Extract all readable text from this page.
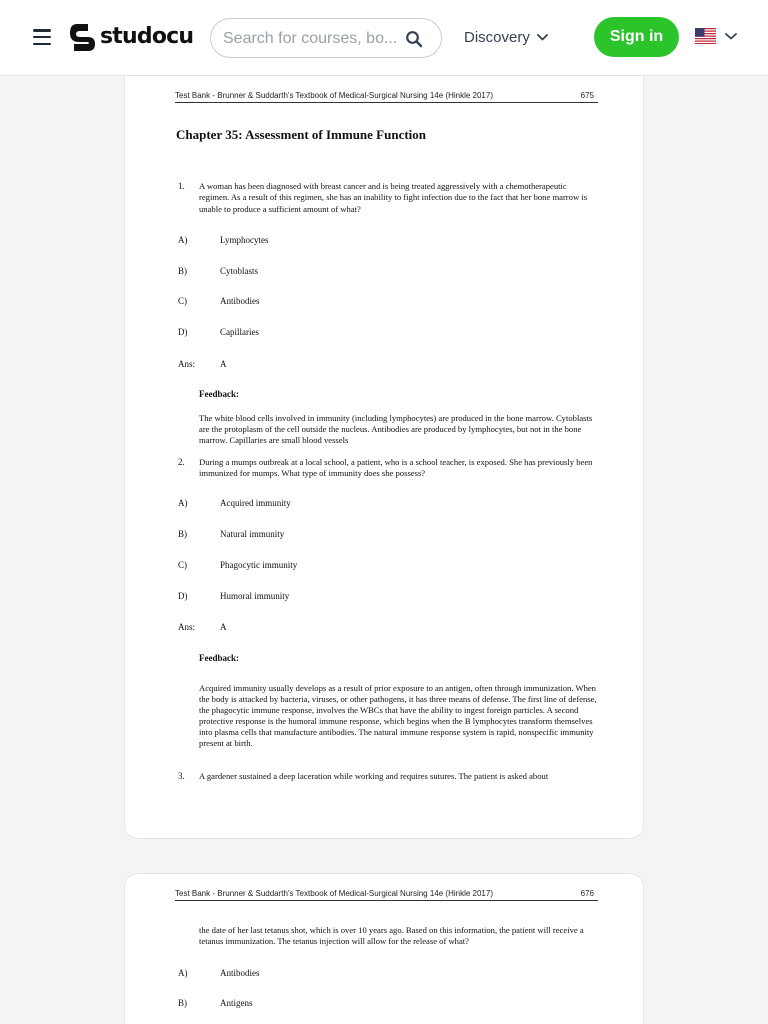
studocu
Search for courses, bo...	Discovery	Sign in
Test Bank - Brunner & Suddarth's Textbook of Medical-Surgical Nursing 14e (Hinkle 2017)	675
Chapter 35: Assessment of Immune Function
1. A woman has been diagnosed with breast cancer and is being treated aggressively with a chemotherapeutic regimen. As a result of this regimen, she has an inability to fight infection due to the fact that her bone marrow is unable to produce a sufficient amount of what?
A)	Lymphocytes
B)	Cytoblasts
C)	Antibodies
D)	Capillaries
Ans:	A
Feedback:
The white blood cells involved in immunity (including lymphocytes) are produced in the bone marrow. Cytoblasts are the protoplasm of the cell outside the nucleus. Antibodies are produced by lymphocytes, but not in the bone marrow. Capillaries are small blood vessels
2. During a mumps outbreak at a local school, a patient, who is a school teacher, is exposed. She has previously been immunized for mumps. What type of immunity does she possess?
A)	Acquired immunity
B)	Natural immunity
C)	Phagocytic immunity
D)	Humoral immunity
Ans:	A
Feedback:
Acquired immunity usually develops as a result of prior exposure to an antigen, often through immunization. When the body is attacked by bacteria, viruses, or other pathogens, it has three means of defense. The first line of defense, the phagocytic immune response, involves the WBCs that have the ability to ingest foreign particles. A second protective response is the humoral immune response, which begins when the B lymphocytes transform themselves into plasma cells that manufacture antibodies. The natural immune response system is rapid, nonspecific immunity present at birth.
3. A gardener sustained a deep laceration while working and requires sutures. The patient is asked about
Test Bank - Brunner & Suddarth's Textbook of Medical-Surgical Nursing 14e (Hinkle 2017)	676
the date of her last tetanus shot, which is over 10 years ago. Based on this information, the patient will receive a tetanus immunization. The tetanus injection will allow for the release of what?
A)	Antibodies
B)	Antigens
